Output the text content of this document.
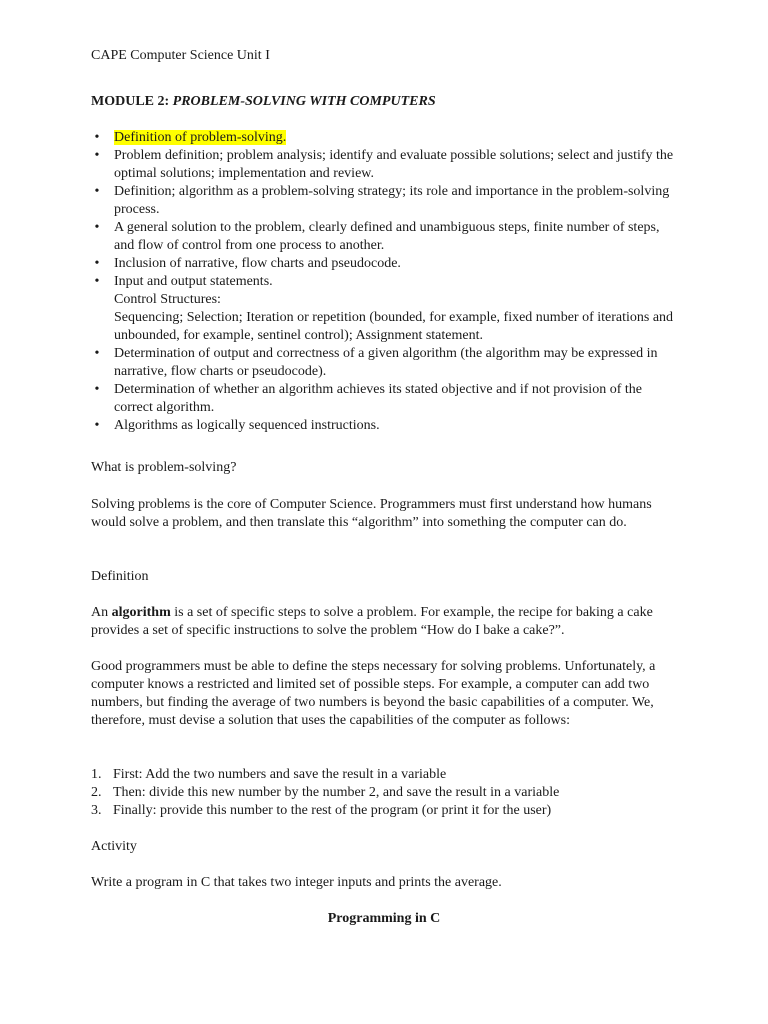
CAPE Computer Science Unit I

MODULE 2: PROBLEM-SOLVING WITH COMPUTERS

• Definition of problem-solving.
• Problem definition; problem analysis; identify and evaluate possible solutions; select and justify the optimal solutions; implementation and review.
• Definition; algorithm as a problem-solving strategy; its role and importance in the problem-solving process.
• A general solution to the problem, clearly defined and unambiguous steps, finite number of steps, and flow of control from one process to another.
• Inclusion of narrative, flow charts and pseudocode.
• Input and output statements.
Control Structures:
Sequencing; Selection; Iteration or repetition (bounded, for example, fixed number of iterations and unbounded, for example, sentinel control); Assignment statement.
• Determination of output and correctness of a given algorithm (the algorithm may be expressed in narrative, flow charts or pseudocode).
• Determination of whether an algorithm achieves its stated objective and if not provision of the correct algorithm.
• Algorithms as logically sequenced instructions.

What is problem-solving?

Solving problems is the core of Computer Science. Programmers must first understand how humans would solve a problem, and then translate this “algorithm” into something the computer can do.

Definition

An algorithm is a set of specific steps to solve a problem. For example, the recipe for baking a cake provides a set of specific instructions to solve the problem “How do I bake a cake?”.

Good programmers must be able to define the steps necessary for solving problems. Unfortunately, a computer knows a restricted and limited set of possible steps. For example, a computer can add two numbers, but finding the average of two numbers is beyond the basic capabilities of a computer. We, therefore, must devise a solution that uses the capabilities of the computer as follows:

1. First: Add the two numbers and save the result in a variable
2. Then: divide this new number by the number 2, and save the result in a variable
3. Finally: provide this number to the rest of the program (or print it for the user)

Activity

Write a program in C that takes two integer inputs and prints the average.

Programming in C
